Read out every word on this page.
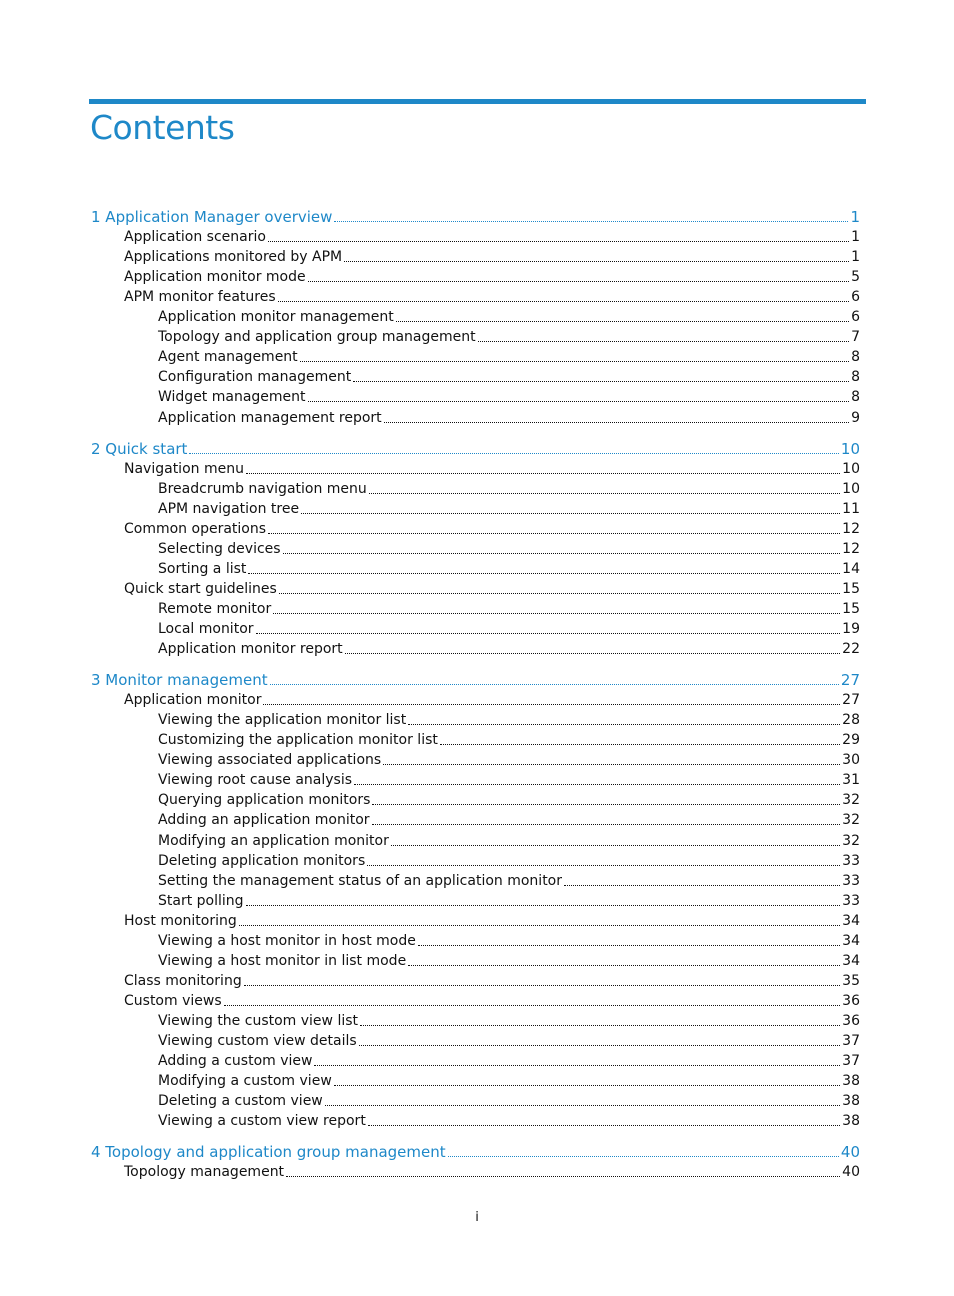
Contents
1 Application Manager overview	1
Application scenario	1
Applications monitored by APM	1
Application monitor mode	5
APM monitor features	6
Application monitor management	6
Topology and application group management	7
Agent management	8
Configuration management	8
Widget management	8
Application management report	9
2 Quick start	10
Navigation menu	10
Breadcrumb navigation menu	10
APM navigation tree	11
Common operations	12
Selecting devices	12
Sorting a list	14
Quick start guidelines	15
Remote monitor	15
Local monitor	19
Application monitor report	22
3 Monitor management	27
Application monitor	27
Viewing the application monitor list	28
Customizing the application monitor list	29
Viewing associated applications	30
Viewing root cause analysis	31
Querying application monitors	32
Adding an application monitor	32
Modifying an application monitor	32
Deleting application monitors	33
Setting the management status of an application monitor	33
Start polling	33
Host monitoring	34
Viewing a host monitor in host mode	34
Viewing a host monitor in list mode	34
Class monitoring	35
Custom views	36
Viewing the custom view list	36
Viewing custom view details	37
Adding a custom view	37
Modifying a custom view	38
Deleting a custom view	38
Viewing a custom view report	38
4 Topology and application group management	40
Topology management	40
i
